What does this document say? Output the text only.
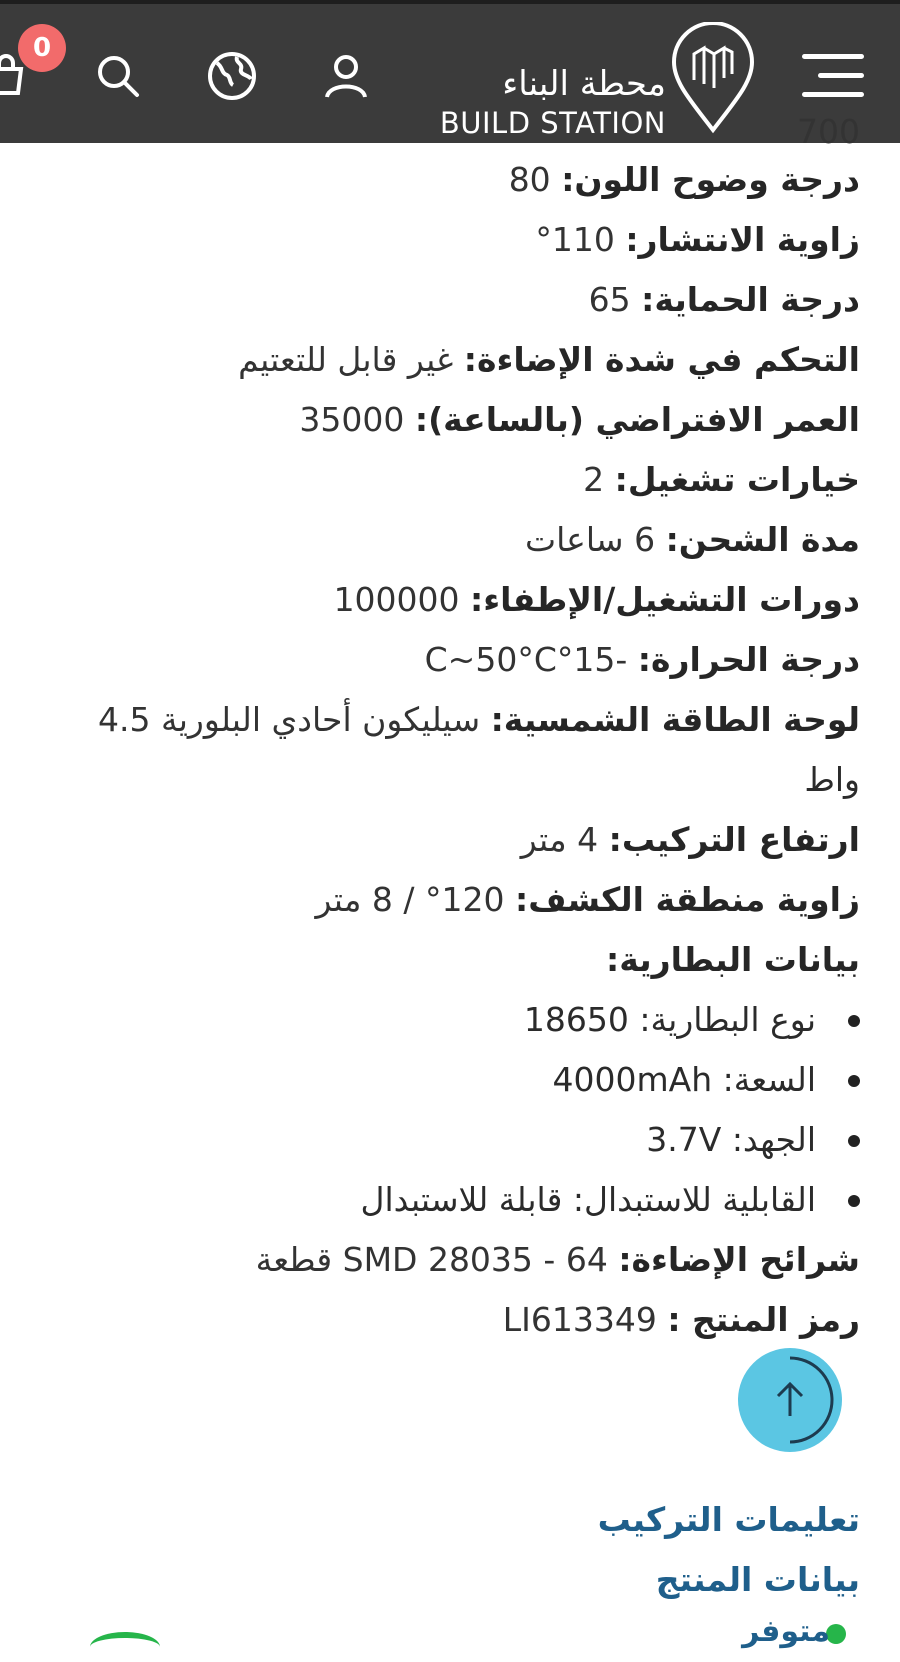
0
محطة البناء
BUILD STATION	700
درجة وضوح اللون: 80
زاوية الانتشار: 110°
درجة الحماية: 65
التحكم في شدة الإضاءة: غير قابل للتعتيم
العمر الافتراضي (بالساعة): 35000
خيارات تشغيل: 2
مدة الشحن: 6 ساعات
دورات التشغيل/الإطفاء: 100000
درجة الحرارة: -15°C~50°C
لوحة الطاقة الشمسية: سيليكون أحادي البلورية 4.5
واط
ارتفاع التركيب: 4 متر
زاوية منطقة الكشف: 120° / 8 متر
بيانات البطارية:
نوع البطارية: 18650
السعة: 4000mAh
الجهد: 3.7V
القابلية للاستبدال: قابلة للاستبدال
شرائح الإضاءة: 64 - SMD 28035 قطعة
رمز المنتج : LI613349
تعليمات التركيب
بيانات المنتج
متوفر
